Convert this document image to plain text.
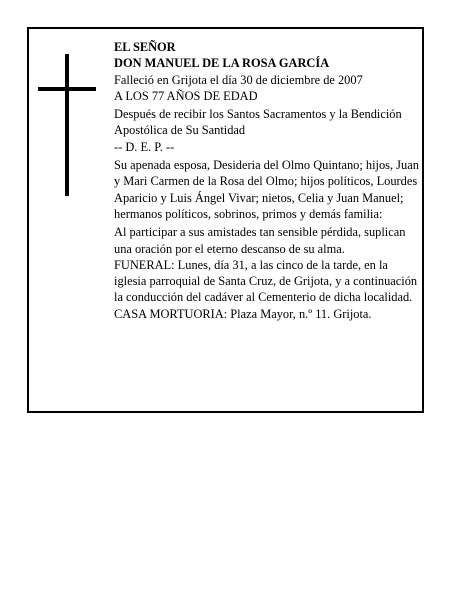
EL SEÑOR

DON MANUEL DE LA ROSA GARCÍA

Falleció en Grijota el día 30 de diciembre de 2007

A LOS 77 AÑOS DE EDAD

Después de recibir los Santos Sacramentos y la Bendición Apostólica de Su Santidad

-- D. E. P. --

Su apenada esposa, Desideria del Olmo Quintano; hijos, Juan y Mari Carmen de la Rosa del Olmo; hijos políticos, Lourdes Aparicio y Luis Ángel Vivar; nietos, Celia y Juan Manuel; hermanos políticos, sobrinos, primos y demás familia:

Al participar a sus amistades tan sensible pérdida, suplican una oración por el eterno descanso de su alma.

FUNERAL: Lunes, día 31, a las cinco de la tarde, en la iglesia parroquial de Santa Cruz, de Grijota, y a continuación la conducción del cadáver al Cementerio de dicha localidad.

CASA MORTUORIA: Plaza Mayor, n.º 11. Grijota.
